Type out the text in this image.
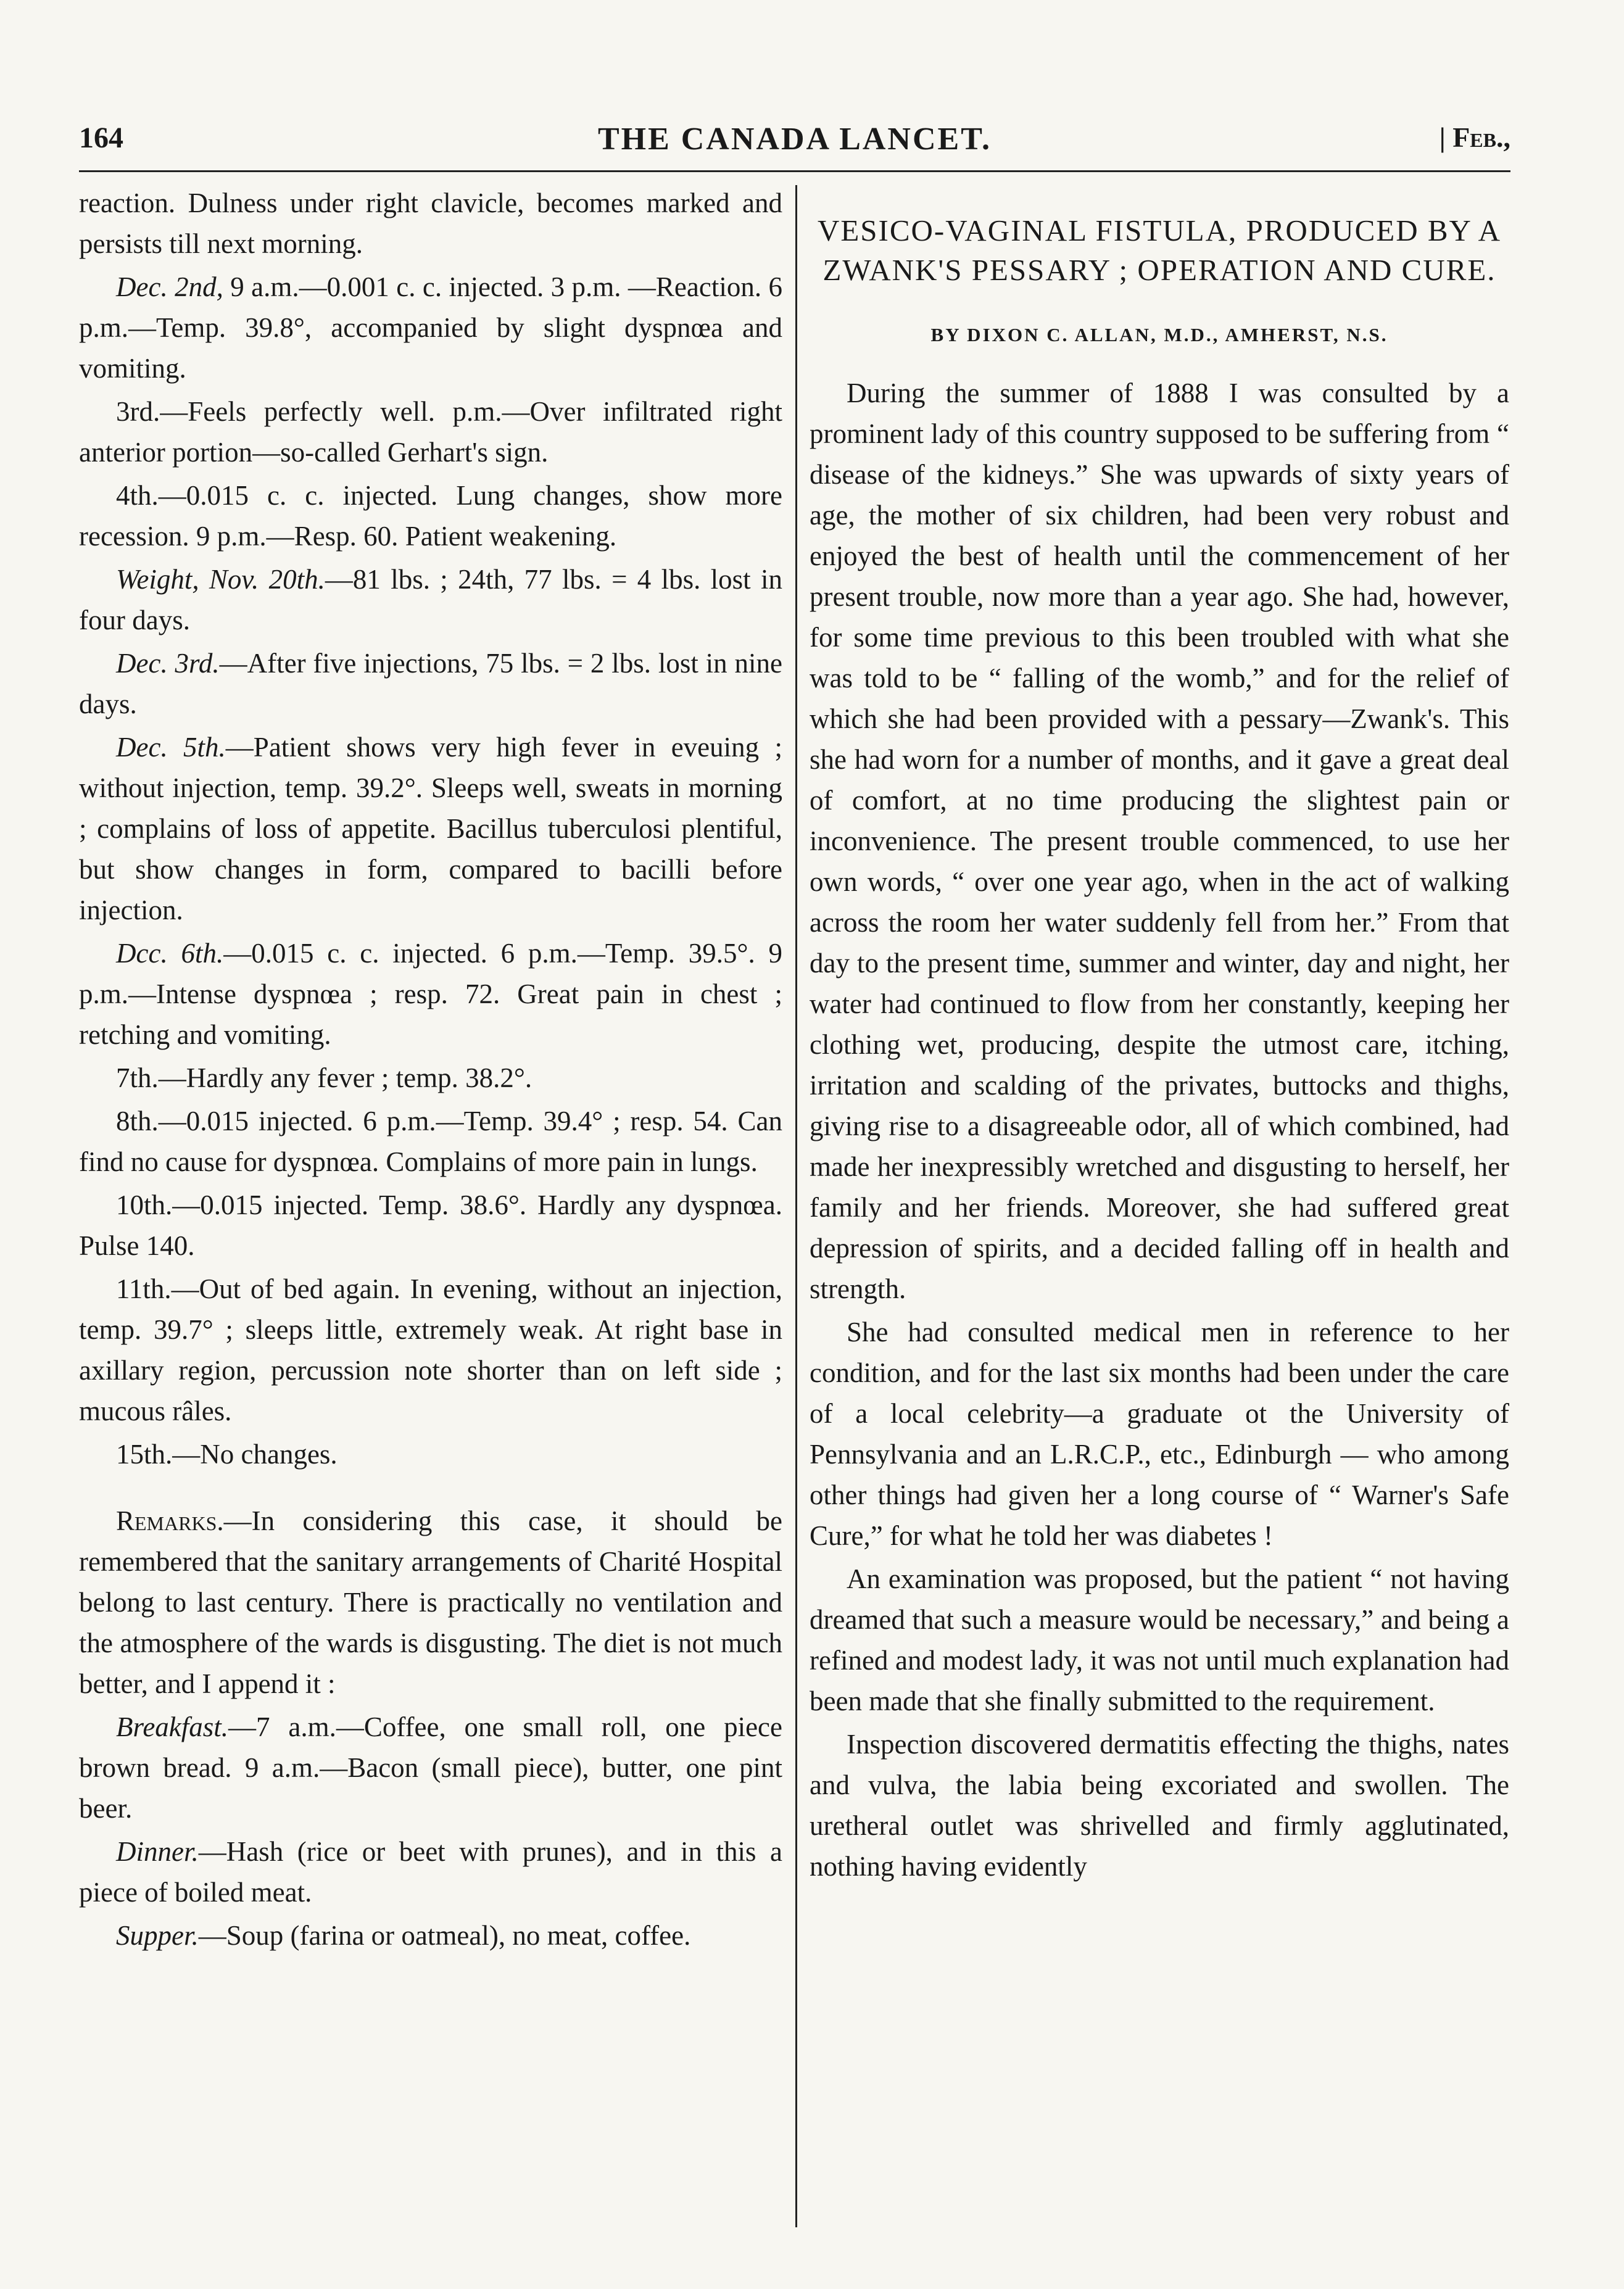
164	THE CANADA LANCET.	| Feb.,

reaction. Dulness under right clavicle, becomes marked and persists till next morning.

Dec. 2nd, 9 a.m.—0.001 c. c. injected. 3 p.m. —Reaction. 6 p.m.—Temp. 39.8°, accompanied by slight dyspnœa and vomiting.

3rd.—Feels perfectly well. p.m.—Over infiltrated right anterior portion—so-called Gerhart's sign.

4th.—0.015 c. c. injected. Lung changes, show more recession. 9 p.m.—Resp. 60. Patient weakening.

Weight, Nov. 20th.—81 lbs. ; 24th, 77 lbs. = 4 lbs. lost in four days.

Dec. 3rd.—After five injections, 75 lbs. = 2 lbs. lost in nine days.

Dec. 5th.—Patient shows very high fever in eveuing ; without injection, temp. 39.2°. Sleeps well, sweats in morning ; complains of loss of appetite. Bacillus tuberculosi plentiful, but show changes in form, compared to bacilli before injection.

Dcc. 6th.—0.015 c. c. injected. 6 p.m.—Temp. 39.5°. 9 p.m.—Intense dyspnœa ; resp. 72. Great pain in chest ; retching and vomiting.

7th.—Hardly any fever ; temp. 38.2°.

8th.—0.015 injected. 6 p.m.—Temp. 39.4° ; resp. 54. Can find no cause for dyspnœa. Complains of more pain in lungs.

10th.—0.015 injected. Temp. 38.6°. Hardly any dyspnœa. Pulse 140.

11th.—Out of bed again. In evening, without an injection, temp. 39.7° ; sleeps little, extremely weak. At right base in axillary region, percussion note shorter than on left side ; mucous râles.

15th.—No changes.

Remarks.—In considering this case, it should be remembered that the sanitary arrangements of Charité Hospital belong to last century. There is practically no ventilation and the atmosphere of the wards is disgusting. The diet is not much better, and I append it :

Breakfast.—7 a.m.—Coffee, one small roll, one piece brown bread. 9 a.m.—Bacon (small piece), butter, one pint beer.

Dinner.—Hash (rice or beet with prunes), and in this a piece of boiled meat.

Supper.—Soup (farina or oatmeal), no meat, coffee.

VESICO-VAGINAL FISTULA, PRODUCED BY A ZWANK'S PESSARY ; OPERATION AND CURE.
BY DIXON C. ALLAN, M.D., AMHERST, N.S.

During the summer of 1888 I was consulted by a prominent lady of this country supposed to be suffering from “ disease of the kidneys.” She was upwards of sixty years of age, the mother of six children, had been very robust and enjoyed the best of health until the commencement of her present trouble, now more than a year ago. She had, however, for some time previous to this been troubled with what she was told to be “ falling of the womb,” and for the relief of which she had been provided with a pessary—Zwank's. This she had worn for a number of months, and it gave a great deal of comfort, at no time producing the slightest pain or inconvenience. The present trouble commenced, to use her own words, “ over one year ago, when in the act of walking across the room her water suddenly fell from her.” From that day to the present time, summer and winter, day and night, her water had continued to flow from her constantly, keeping her clothing wet, producing, despite the utmost care, itching, irritation and scalding of the privates, buttocks and thighs, giving rise to a disagreeable odor, all of which combined, had made her inexpressibly wretched and disgusting to herself, her family and her friends. Moreover, she had suffered great depression of spirits, and a decided falling off in health and strength.

She had consulted medical men in reference to her condition, and for the last six months had been under the care of a local celebrity—a graduate ot the University of Pennsylvania and an L.R.C.P., etc., Edinburgh — who among other things had given her a long course of “ Warner's Safe Cure,” for what he told her was diabetes !

An examination was proposed, but the patient “ not having dreamed that such a measure would be necessary,” and being a refined and modest lady, it was not until much explanation had been made that she finally submitted to the requirement.

Inspection discovered dermatitis effecting the thighs, nates and vulva, the labia being excoriated and swollen. The uretheral outlet was shrivelled and firmly agglutinated, nothing having evidently
